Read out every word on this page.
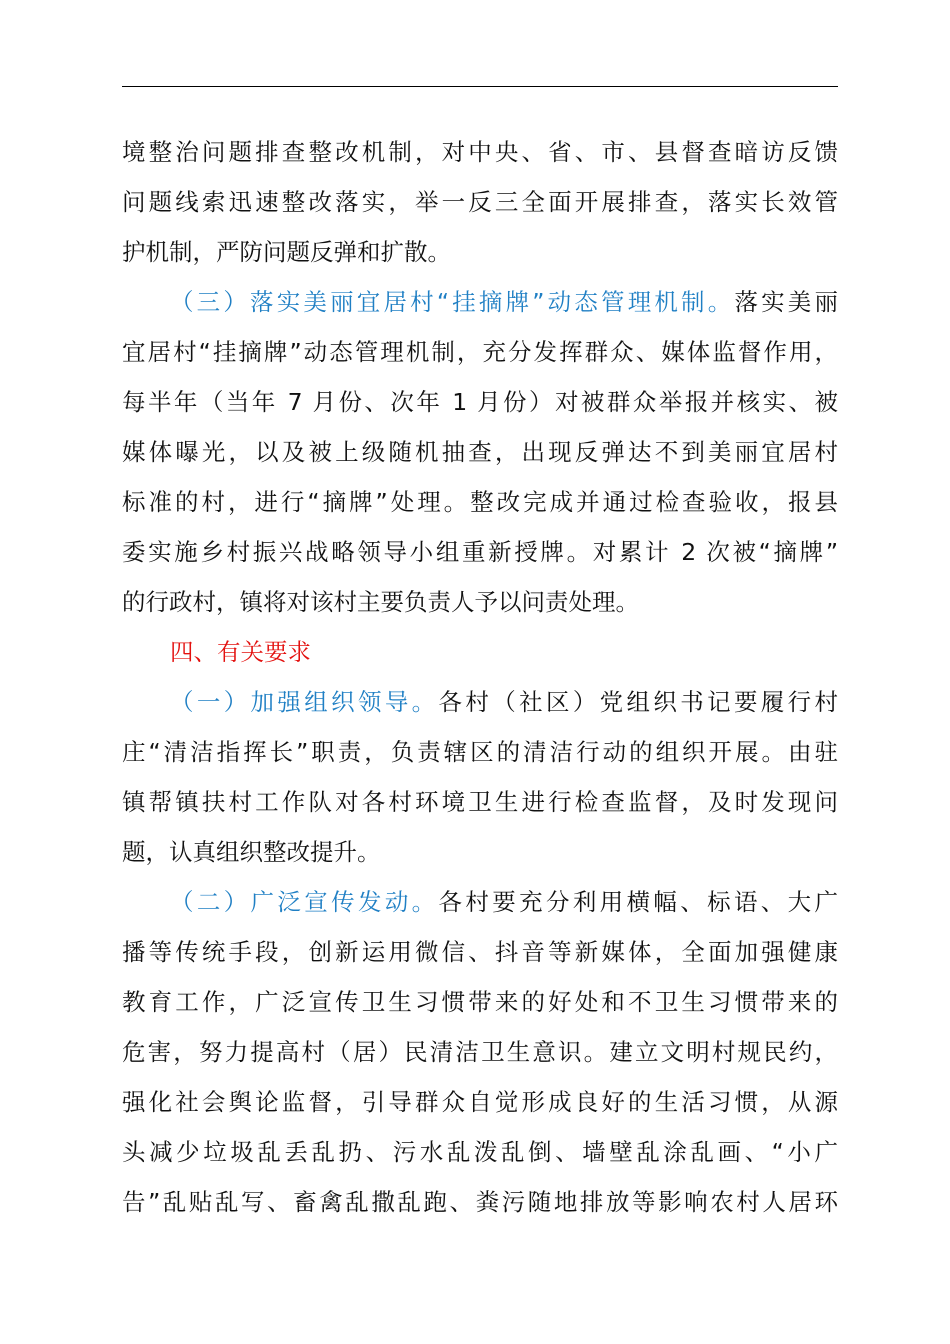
境整治问题排查整改机制，对中央、省、市、县督查暗访反馈
问题线索迅速整改落实，举一反三全面开展排查，落实长效管
护机制，严防问题反弹和扩散。
（三）落实美丽宜居村“挂摘牌”动态管理机制。落实美丽
宜居村“挂摘牌”动态管理机制，充分发挥群众、媒体监督作用，
每半年（当年 7 月份、次年 1 月份）对被群众举报并核实、被
媒体曝光，以及被上级随机抽查，出现反弹达不到美丽宜居村
标准的村，进行“摘牌”处理。整改完成并通过检查验收，报县
委实施乡村振兴战略领导小组重新授牌。对累计 2 次被“摘牌”
的行政村，镇将对该村主要负责人予以问责处理。
四、有关要求
（一）加强组织领导。各村（社区）党组织书记要履行村
庄“清洁指挥长”职责，负责辖区的清洁行动的组织开展。由驻
镇帮镇扶村工作队对各村环境卫生进行检查监督，及时发现问
题，认真组织整改提升。
（二）广泛宣传发动。各村要充分利用横幅、标语、大广
播等传统手段，创新运用微信、抖音等新媒体，全面加强健康
教育工作，广泛宣传卫生习惯带来的好处和不卫生习惯带来的
危害，努力提高村（居）民清洁卫生意识。建立文明村规民约，
强化社会舆论监督，引导群众自觉形成良好的生活习惯，从源
头减少垃圾乱丢乱扔、污水乱泼乱倒、墙壁乱涂乱画、“小广
告”乱贴乱写、畜禽乱撒乱跑、粪污随地排放等影响农村人居环
